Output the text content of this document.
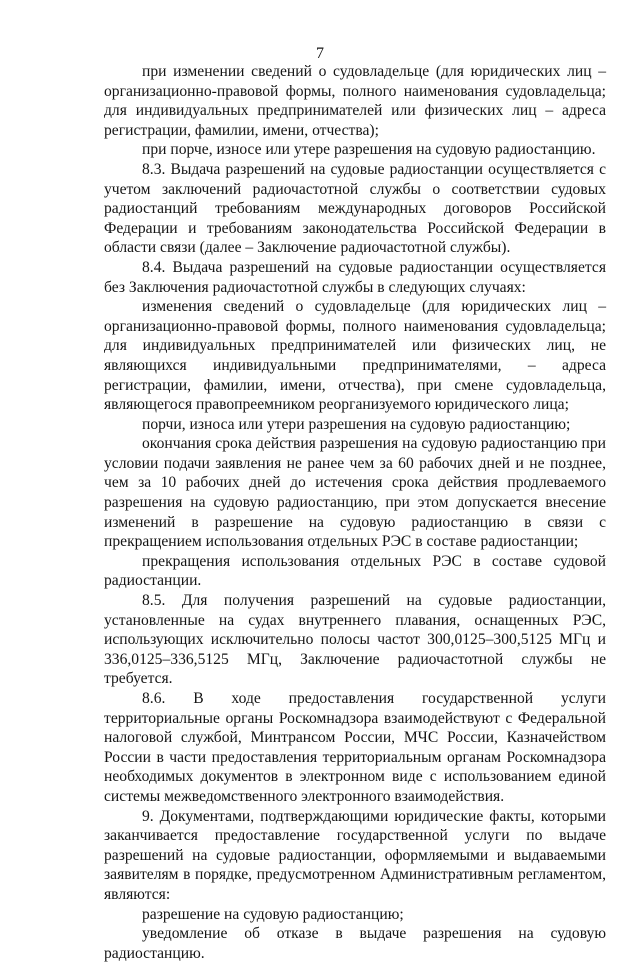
7

при изменении сведений о судовладельце (для юридических лиц – организационно-правовой формы, полного наименования судовладельца; для индивидуальных предпринимателей или физических лиц – адреса регистрации, фамилии, имени, отчества);

при порче, износе или утере разрешения на судовую радиостанцию.

8.3. Выдача разрешений на судовые радиостанции осуществляется с учетом заключений радиочастотной службы о соответствии судовых радиостанций требованиям международных договоров Российской Федерации и требованиям законодательства Российской Федерации в области связи (далее – Заключение радиочастотной службы).

8.4. Выдача разрешений на судовые радиостанции осуществляется без Заключения радиочастотной службы в следующих случаях:

изменения сведений о судовладельце (для юридических лиц – организационно-правовой формы, полного наименования судовладельца; для индивидуальных предпринимателей или физических лиц, не являющихся индивидуальными предпринимателями, – адреса регистрации, фамилии, имени, отчества), при смене судовладельца, являющегося правопреемником реорганизуемого юридического лица;

порчи, износа или утери разрешения на судовую радиостанцию;

окончания срока действия разрешения на судовую радиостанцию при условии подачи заявления не ранее чем за 60 рабочих дней и не позднее, чем за 10 рабочих дней до истечения срока действия продлеваемого разрешения на судовую радиостанцию, при этом допускается внесение изменений в разрешение на судовую радиостанцию в связи с прекращением использования отдельных РЭС в составе радиостанции;

прекращения использования отдельных РЭС в составе судовой радиостанции.

8.5. Для получения разрешений на судовые радиостанции, установленные на судах внутреннего плавания, оснащенных РЭС, использующих исключительно полосы частот 300,0125–300,5125 МГц и 336,0125–336,5125 МГц, Заключение радиочастотной службы не требуется.

8.6. В ходе предоставления государственной услуги территориальные органы Роскомнадзора взаимодействуют с Федеральной налоговой службой, Минтрансом России, МЧС России, Казначейством России в части предоставления территориальным органам Роскомнадзора необходимых документов в электронном виде с использованием единой системы межведомственного электронного взаимодействия.

9. Документами, подтверждающими юридические факты, которыми заканчивается предоставление государственной услуги по выдаче разрешений на судовые радиостанции, оформляемыми и выдаваемыми заявителям в порядке, предусмотренном Административным регламентом, являются:

разрешение на судовую радиостанцию;

уведомление об отказе в выдаче разрешения на судовую радиостанцию.
